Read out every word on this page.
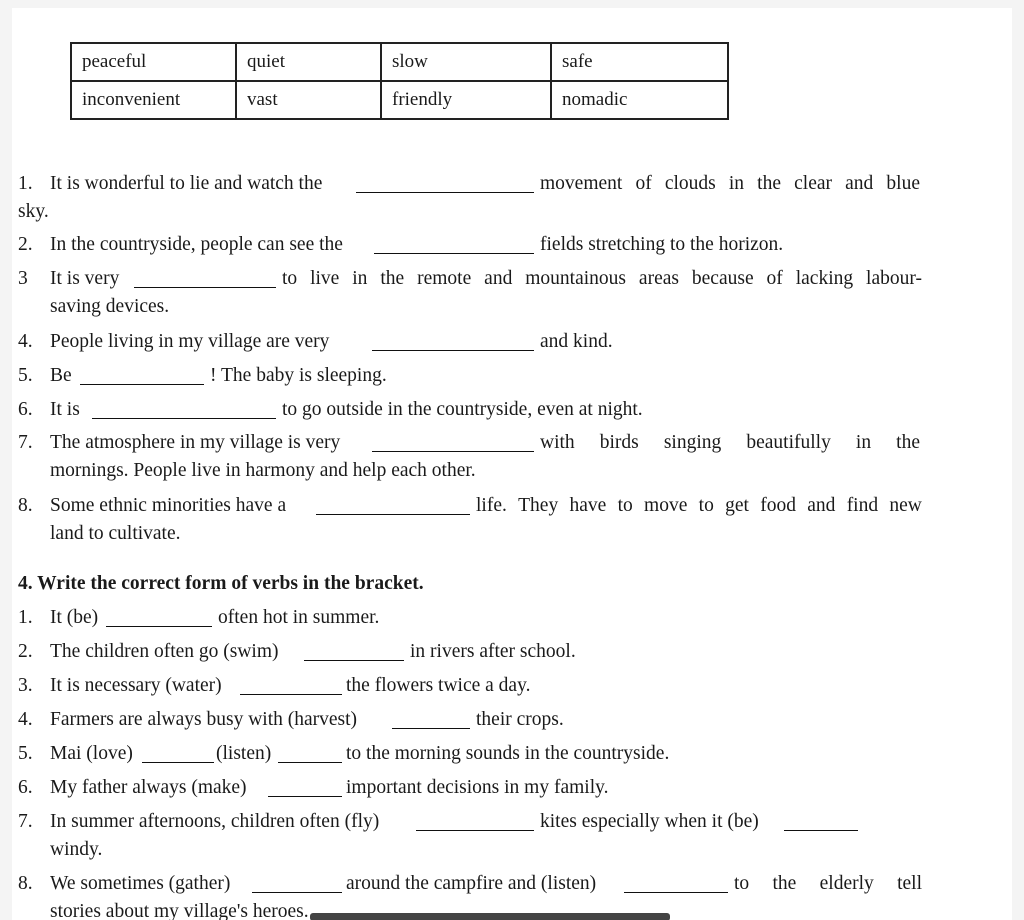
peaceful	quiet	slow	safe
inconvenient	vast	friendly	nomadic
1. It is wonderful to lie and watch the	movement of clouds in the clear and blue
sky.
2. In the countryside, people can see the	fields stretching to the horizon.
3 It is very	to live in the remote and mountainous areas because of lacking labour-
saving devices.
4. People living in my village are very	and kind.
5. Be	! The baby is sleeping.
6. It is	to go outside in the countryside, even at night.
7. The atmosphere in my village is very	with birds singing beautifully in the
mornings. People live in harmony and help each other.
8. Some ethnic minorities have a	life. They have to move to get food and find new
land to cultivate.
4. Write the correct form of verbs in the bracket.
1. It (be)	often hot in summer.
2. The children often go (swim)	in rivers after school.
3. It is necessary (water)	the flowers twice a day.
4. Farmers are always busy with (harvest)	their crops.
5. Mai (love)	(listen)	to the morning sounds in the countryside.
6. My father always (make)	important decisions in my family.
7. In summer afternoons, children often (fly)	kites especially when it (be)
windy.
8. We sometimes (gather)	around the campfire and (listen)	to the elderly tell
stories about my village's heroes.
